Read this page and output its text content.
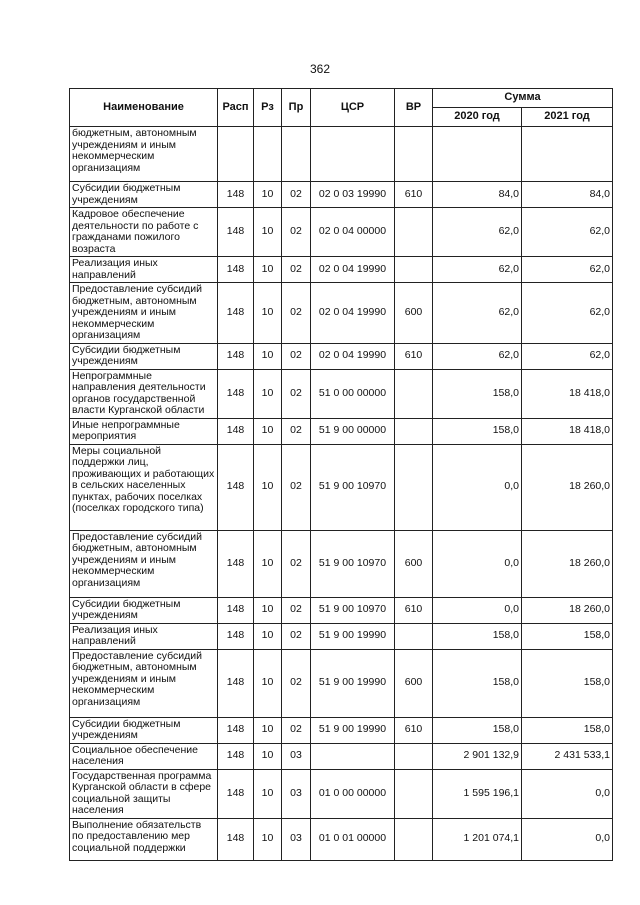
362
Наименование	Расп	Рз	Пр	ЦСР	ВР	Сумма	
						2020 год	2021 год
бюджетным, автономным учреждениям и иным некоммерческим организациям							
Субсидии бюджетным учреждениям	148	10	02	02 0 03 19990	610	84,0	84,0
Кадровое обеспечение деятельности по работе с гражданами пожилого возраста	148	10	02	02 0 04 00000		62,0	62,0
Реализация иных направлений	148	10	02	02 0 04 19990		62,0	62,0
Предоставление субсидий бюджетным, автономным учреждениям и иным некоммерческим организациям	148	10	02	02 0 04 19990	600	62,0	62,0
Субсидии бюджетным учреждениям	148	10	02	02 0 04 19990	610	62,0	62,0
Непрограммные направления деятельности органов государственной власти Курганской области	148	10	02	51 0 00 00000		158,0	18 418,0
Иные непрограммные мероприятия	148	10	02	51 9 00 00000		158,0	18 418,0
Меры социальной поддержки лиц, проживающих и работающих в сельских населенных пунктах, рабочих поселках (поселках городского типа)	148	10	02	51 9 00 10970		0,0	18 260,0
Предоставление субсидий бюджетным, автономным учреждениям и иным некоммерческим организациям	148	10	02	51 9 00 10970	600	0,0	18 260,0
Субсидии бюджетным учреждениям	148	10	02	51 9 00 10970	610	0,0	18 260,0
Реализация иных направлений	148	10	02	51 9 00 19990		158,0	158,0
Предоставление субсидий бюджетным, автономным учреждениям и иным некоммерческим организациям	148	10	02	51 9 00 19990	600	158,0	158,0
Субсидии бюджетным учреждениям	148	10	02	51 9 00 19990	610	158,0	158,0
Социальное обеспечение населения	148	10	03			2 901 132,9	2 431 533,1
Государственная программа Курганской области в сфере социальной защиты населения	148	10	03	01 0 00 00000		1 595 196,1	0,0
Выполнение обязательств по предоставлению мер социальной поддержки	148	10	03	01 0 01 00000		1 201 074,1	0,0
